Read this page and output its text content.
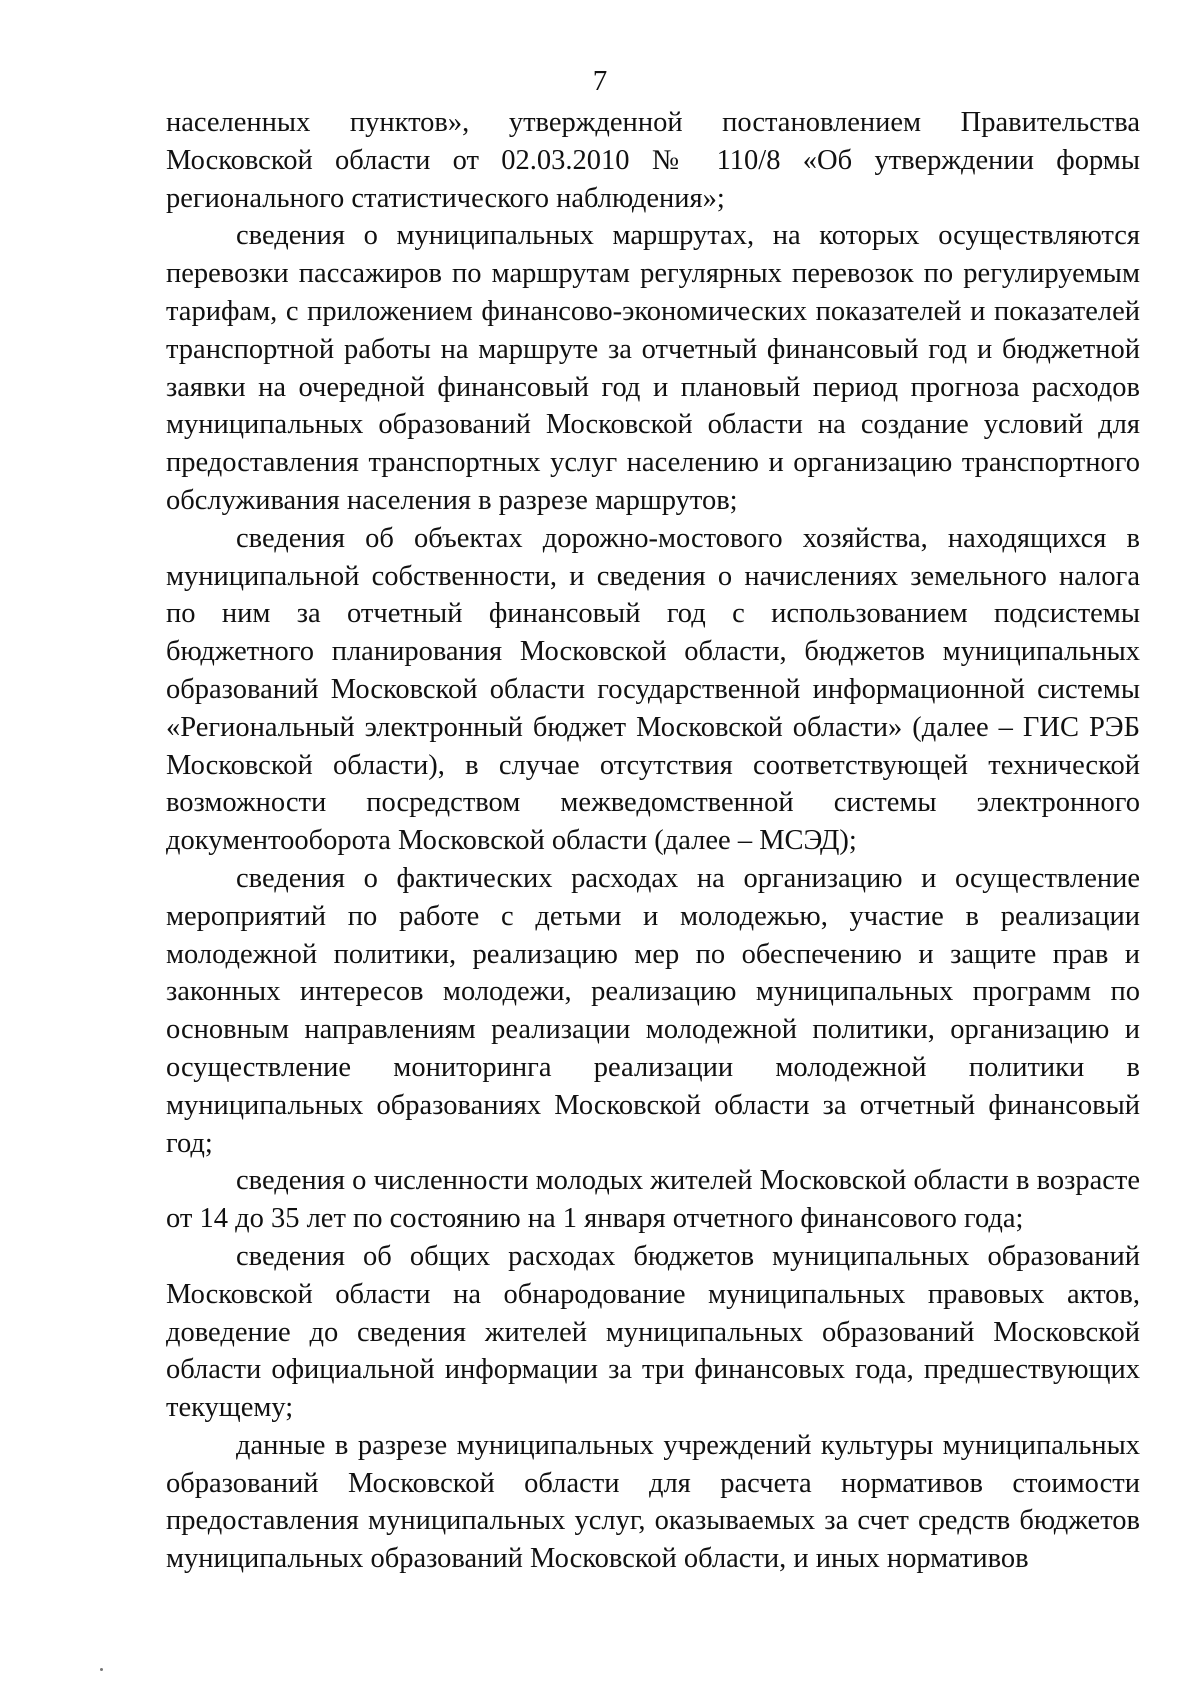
7

населенных пунктов», утвержденной постановлением Правительства Московской области от 02.03.2010 № 110/8 «Об утверждении формы регионального статистического наблюдения»;

сведения о муниципальных маршрутах, на которых осуществляются перевозки пассажиров по маршрутам регулярных перевозок по регулируемым тарифам, с приложением финансово-экономических показателей и показателей транспортной работы на маршруте за отчетный финансовый год и бюджетной заявки на очередной финансовый год и плановый период прогноза расходов муниципальных образований Московской области на создание условий для предоставления транспортных услуг населению и организацию транспортного обслуживания населения в разрезе маршрутов;

сведения об объектах дорожно-мостового хозяйства, находящихся в муниципальной собственности, и сведения о начислениях земельного налога по ним за отчетный финансовый год с использованием подсистемы бюджетного планирования Московской области, бюджетов муниципальных образований Московской области государственной информационной системы «Региональный электронный бюджет Московской области» (далее – ГИС РЭБ Московской области), в случае отсутствия соответствующей технической возможности посредством межведомственной системы электронного документооборота Московской области (далее – МСЭД);

сведения о фактических расходах на организацию и осуществление мероприятий по работе с детьми и молодежью, участие в реализации молодежной политики, реализацию мер по обеспечению и защите прав и законных интересов молодежи, реализацию муниципальных программ по основным направлениям реализации молодежной политики, организацию и осуществление мониторинга реализации молодежной политики в муниципальных образованиях Московской области за отчетный финансовый год;

сведения о численности молодых жителей Московской области в возрасте от 14 до 35 лет по состоянию на 1 января отчетного финансового года;

сведения об общих расходах бюджетов муниципальных образований Московской области на обнародование муниципальных правовых актов, доведение до сведения жителей муниципальных образований Московской области официальной информации за три финансовых года, предшествующих текущему;

данные в разрезе муниципальных учреждений культуры муниципальных образований Московской области для расчета нормативов стоимости предоставления муниципальных услуг, оказываемых за счет средств бюджетов муниципальных образований Московской области, и иных нормативов
